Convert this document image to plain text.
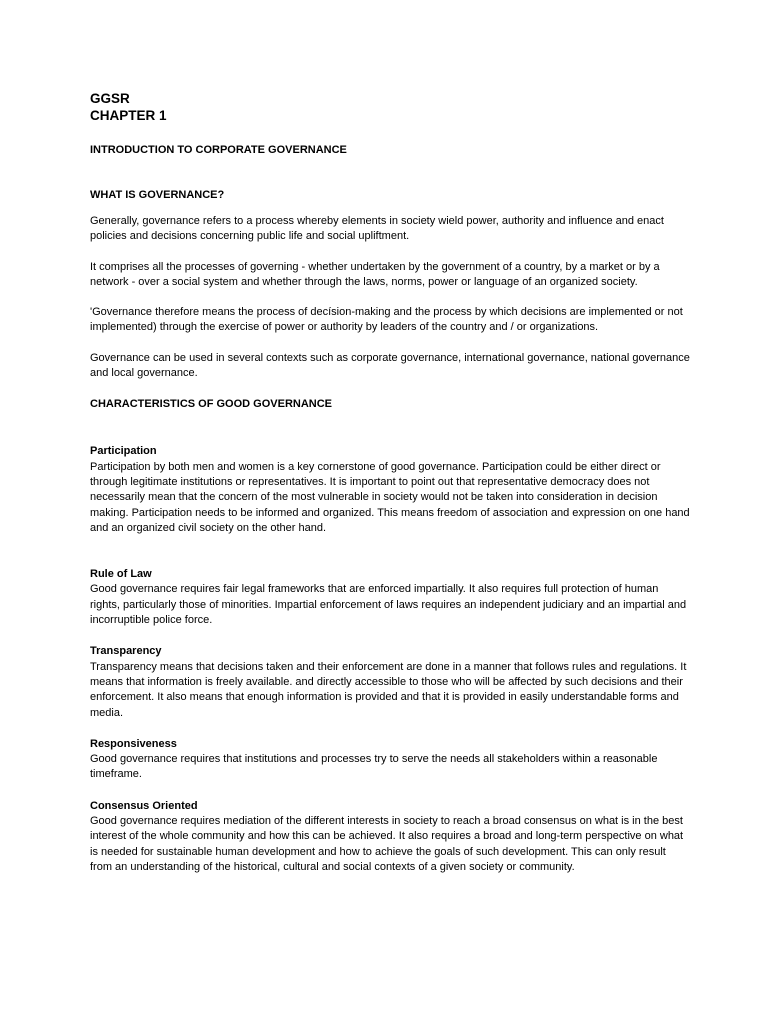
GGSR

CHAPTER 1

INTRODUCTION TO CORPORATE GOVERNANCE

WHAT IS GOVERNANCE?

Generally, governance refers to a process whereby elements in society wield power, authority and influence and enact policies and decisions concerning public life and social upliftment.

It comprises all the processes of governing - whether undertaken by the government of a country, by a market or by a network - over a social system and whether through the laws, norms, power or language of an organized society.

'Governance therefore means the process of decísion-making and the process by which decisions are implemented or not implemented) through the exercise of power or authority by leaders of the country and / or organizations.

Governance can be used in several contexts such as corporate governance, international governance, national governance and local governance.

CHARACTERISTICS OF GOOD GOVERNANCE

Participation

Participation by both men and women is a key cornerstone of good governance. Participation could be either direct or through legitimate institutions or representatives. It is important to point out that representative democracy does not necessarily mean that the concern of the most vulnerable in society would not be taken into consideration in decision making. Participation needs to be informed and organized. This means freedom of association and expression on one hand and an organized civil society on the other hand.

Rule of Law

Good governance requires fair legal frameworks that are enforced impartially. It also requires full protection of human rights, particularly those of minorities. Impartial enforcement of laws requires an independent judiciary and an impartial and incorruptible police force.

Transparency

Transparency means that decisions taken and their enforcement are done in a manner that follows rules and regulations. It means that information is freely available. and directly accessible to those who will be affected by such decisions and their enforcement. It also means that enough information is provided and that it is provided in easily understandable forms and media.

Responsiveness

Good governance requires that institutions and processes try to serve the needs all stakeholders within a reasonable timeframe.

Consensus Oriented

Good governance requires mediation of the different interests in society to reach a broad consensus on what is in the best interest of the whole community and how this can be achieved. It also requires a broad and long-term perspective on what is needed for sustainable human development and how to achieve the goals of such development. This can only result from an understanding of the historical, cultural and social contexts of a given society or community.
